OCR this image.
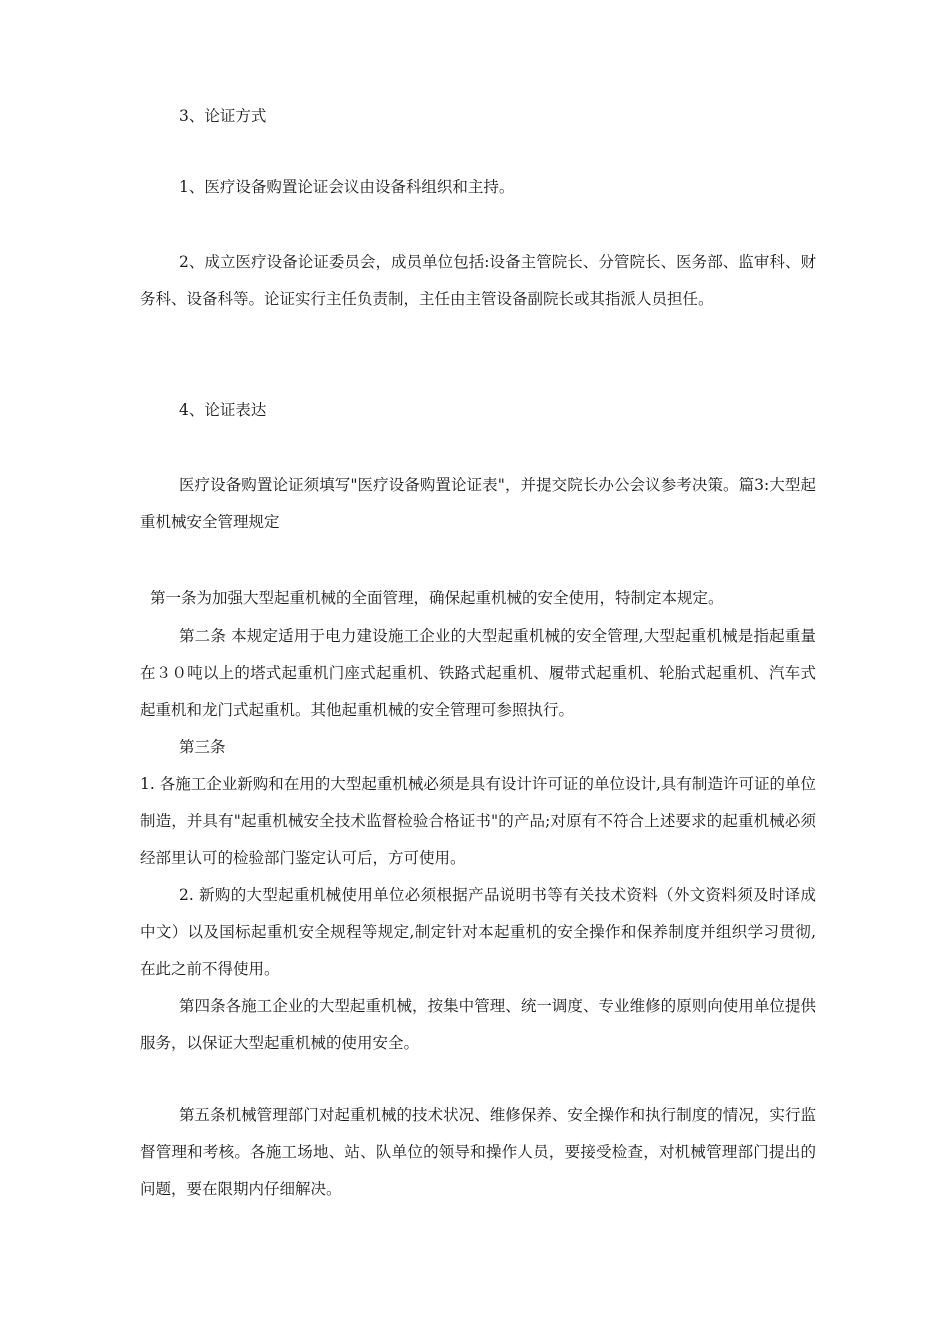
3、论证方式

1、医疗设备购置论证会议由设备科组织和主持。

2、成立医疗设备论证委员会，成员单位包括:设备主管院长、分管院长、医务部、监审科、财务科、设备科等。论证实行主任负责制，主任由主管设备副院长或其指派人员担任。

4、论证表达

医疗设备购置论证须填写"医疗设备购置论证表"，并提交院长办公会议参考决策。篇3:大型起重机械安全管理规定

第一条为加强大型起重机械的全面管理，确保起重机械的安全使用，特制定本规定。

第二条 本规定适用于电力建设施工企业的大型起重机械的安全管理,大型起重机械是指起重量在３０吨以上的塔式起重机门座式起重机、铁路式起重机、履带式起重机、轮胎式起重机、汽车式起重机和龙门式起重机。其他起重机械的安全管理可参照执行。

第三条

1. 各施工企业新购和在用的大型起重机械必须是具有设计许可证的单位设计,具有制造许可证的单位制造，并具有"起重机械安全技术监督检验合格证书"的产品;对原有不符合上述要求的起重机械必须经部里认可的检验部门鉴定认可后，方可使用。

2. 新购的大型起重机械使用单位必须根据产品说明书等有关技术资料（外文资料须及时译成中文）以及国标起重机安全规程等规定,制定针对本起重机的安全操作和保养制度并组织学习贯彻,在此之前不得使用。

第四条各施工企业的大型起重机械，按集中管理、统一调度、专业维修的原则向使用单位提供服务，以保证大型起重机械的使用安全。

第五条机械管理部门对起重机械的技术状况、维修保养、安全操作和执行制度的情况，实行监督管理和考核。各施工场地、站、队单位的领导和操作人员，要接受检查，对机械管理部门提出的问题，要在限期内仔细解决。
